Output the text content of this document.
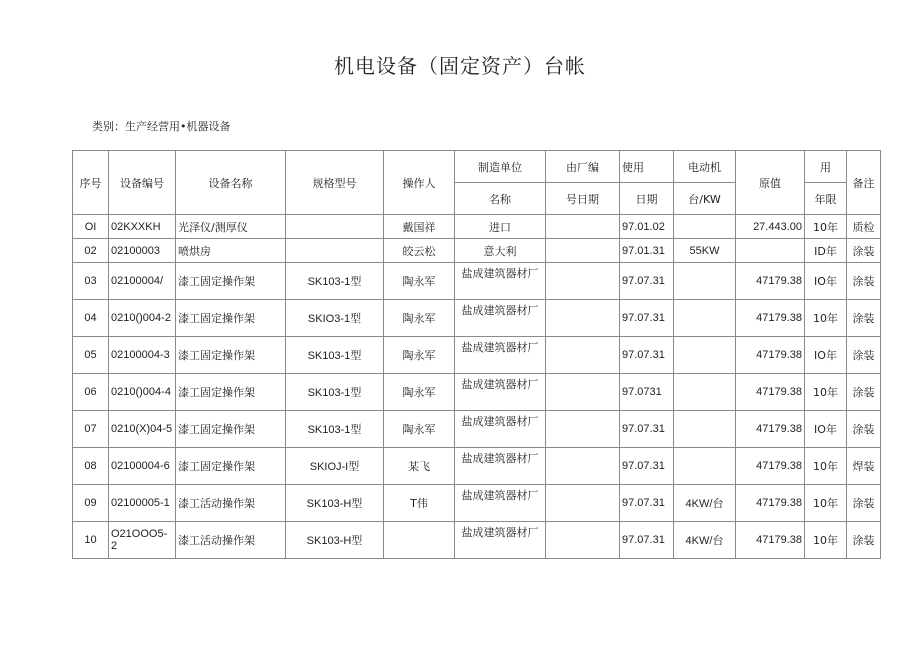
机电设备（固定资产）台帐
类别：生产经营用•机器设备
序号	设备编号	设备名称	规格型号	操作人	制造单位	由厂编	使用	电动机	原值	用	备注
					名称	号日期	日期	台/KW		年限	
OI	02KXXKH	光泽仪/测厚仪		戴国祥	进口		97.01.02		27.443.00	10年	质检
02	02100003	喷烘房		皎云松	意大利		97.01.31	55KW		ID年	涂装
03	02100004/	漆工固定操作架	SK103-1型	陶永军	盐成建筑器材厂		97.07.31		47179.38	IO年	涂装
04	0210()004-2	漆工固定操作架	SKIO3-1型	陶永军	盐成建筑器材厂		97.07.31		47179.38	10年	涂装
05	02100004-3	漆工固定操作架	SK103-1型	陶永军	盐成建筑器材厂		97.07.31		47179.38	IO年	涂装
06	0210()004-4	漆工固定操作架	SK103-1型	陶永军	盐成建筑器材厂		97.0731		47179.38	10年	涂装
07	0210(X)04-5	漆工固定操作架	SK103-1型	陶永军	盐成建筑器材厂		97.07.31		47179.38	IO年	涂装
08	02100004-6	漆工固定操作架	SKIOJ-I型	某飞	盐成建筑器材厂		97.07.31		47179.38	10年	焊装
09	02100005-1	漆工活动操作架	SK103-H型	T伟	盐成建筑器材厂		97.07.31	4KW/台	47179.38	10年	涂装
10	O21OOO5-2	漆工活动操作架	SK103-H型		盐成建筑器材厂		97.07.31	4KW/台	47179.38	10年	涂装
